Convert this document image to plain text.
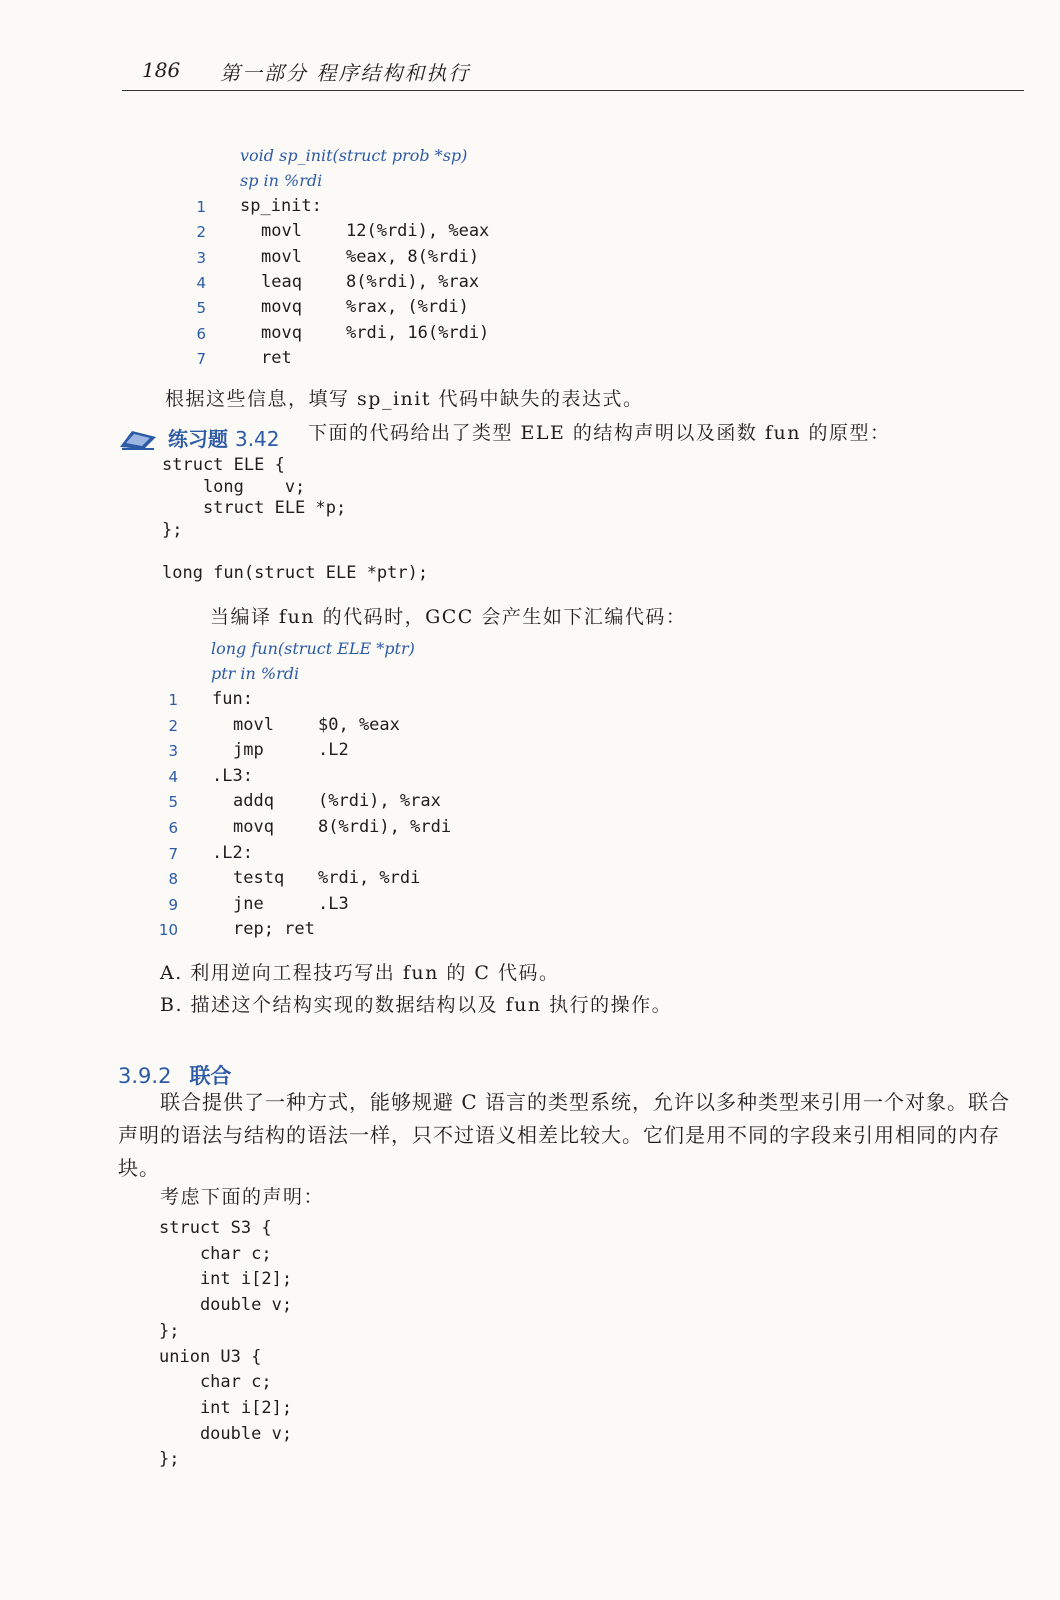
186 第一部分 程序结构和执行
void sp_init(struct prob *sp)
sp in %rdi
1 sp_init:
2	movl	12(%rdi), %eax
3	movl	%eax, 8(%rdi)
4	leaq	8(%rdi), %rax
5	movq	%rax, (%rdi)
6	movq	%rdi, 16(%rdi)
7	ret
根据这些信息，填写 sp_init 代码中缺失的表达式。
练习题 3.42 下面的代码给出了类型 ELE 的结构声明以及函数 fun 的原型：
struct ELE {
long    v;
struct ELE *p;
};
long fun(struct ELE *ptr);
当编译 fun 的代码时，GCC 会产生如下汇编代码：
long fun(struct ELE *ptr)
ptr in %rdi
1 fun:
2	movl	$0, %eax
3	jmp	.L2
4 .L3:
5	addq	(%rdi), %rax
6	movq	8(%rdi), %rdi
7 .L2:
8	testq %rdi, %rdi
9	jne	.L3
10	rep; ret
A. 利用逆向工程技巧写出 fun 的 C 代码。
B. 描述这个结构实现的数据结构以及 fun 执行的操作。
3.9.2 联合
联合提供了一种方式，能够规避 C 语言的类型系统，允许以多种类型来引用一个对象。联合声明的语法与结构的语法一样，只不过语义相差比较大。它们是用不同的字段来引用相同的内存块。
考虑下面的声明：
struct S3 {
char c;
int i[2];
double v;
};
union U3 {
char c;
int i[2];
double v;
};
